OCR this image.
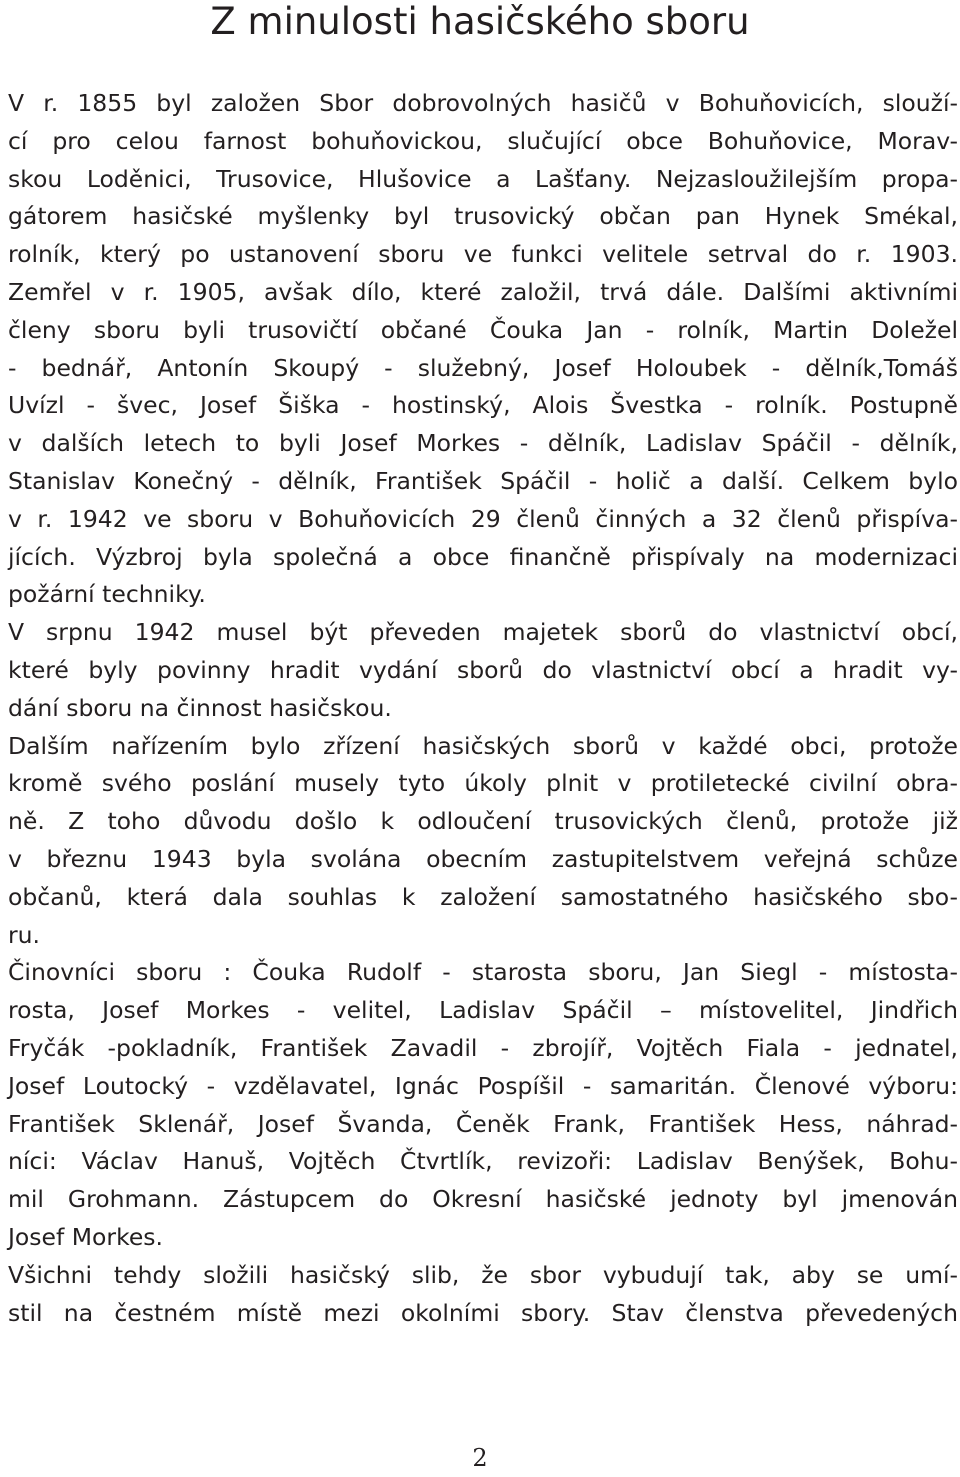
Z minulosti hasičského sboru
V r. 1855 byl založen Sbor dobrovolných hasičů v Bohuňovicích, slouží-
cí pro celou farnost bohuňovickou, slučující obce Bohuňovice, Morav-
skou Loděnici, Trusovice, Hlušovice a Lašťany. Nejzasloužilejším propa-
gátorem hasičské myšlenky byl trusovický občan pan Hynek Smékal,
rolník, který po ustanovení sboru ve funkci velitele setrval do r. 1903.
Zemřel v r. 1905, avšak dílo, které založil, trvá dále. Dalšími aktivními
členy sboru byli trusovičtí občané Čouka Jan - rolník, Martin Doležel
- bednář, Antonín Skoupý - služebný, Josef Holoubek - dělník,Tomáš
Uvízl - švec, Josef Šiška - hostinský, Alois Švestka - rolník. Postupně
v dalších letech to byli Josef Morkes - dělník, Ladislav Spáčil - dělník,
Stanislav Konečný - dělník, František Spáčil - holič a další. Celkem bylo
v r. 1942 ve sboru v Bohuňovicích 29 členů činných a 32 členů přispíva-
jících. Výzbroj byla společná a obce finančně přispívaly na modernizaci
požární techniky.
V srpnu 1942 musel být převeden majetek sborů do vlastnictví obcí,
které byly povinny hradit vydání sborů do vlastnictví obcí a hradit vy-
dání sboru na činnost hasičskou.
Dalším nařízením bylo zřízení hasičských sborů v každé obci, protože
kromě svého poslání musely tyto úkoly plnit v protiletecké civilní obra-
ně. Z toho důvodu došlo k odloučení trusovických členů, protože již
v březnu 1943 byla svolána obecním zastupitelstvem veřejná schůze
občanů, která dala souhlas k založení samostatného hasičského sbo-
ru.
Činovníci sboru : Čouka Rudolf - starosta sboru, Jan Siegl - místosta-
rosta, Josef Morkes - velitel, Ladislav Spáčil – místovelitel, Jindřich
Fryčák -pokladník, František Zavadil - zbrojíř, Vojtěch Fiala - jednatel,
Josef Loutocký - vzdělavatel, Ignác Pospíšil - samaritán. Členové výboru:
František Sklenář, Josef Švanda, Čeněk Frank, František Hess, náhrad-
níci: Václav Hanuš, Vojtěch Čtvrtlík, revizoři: Ladislav Benýšek, Bohu-
mil Grohmann. Zástupcem do Okresní hasičské jednoty byl jmenován
Josef Morkes.
Všichni tehdy složili hasičský slib, že sbor vybudují tak, aby se umí-
stil na čestném místě mezi okolními sbory. Stav členstva převedených
2
